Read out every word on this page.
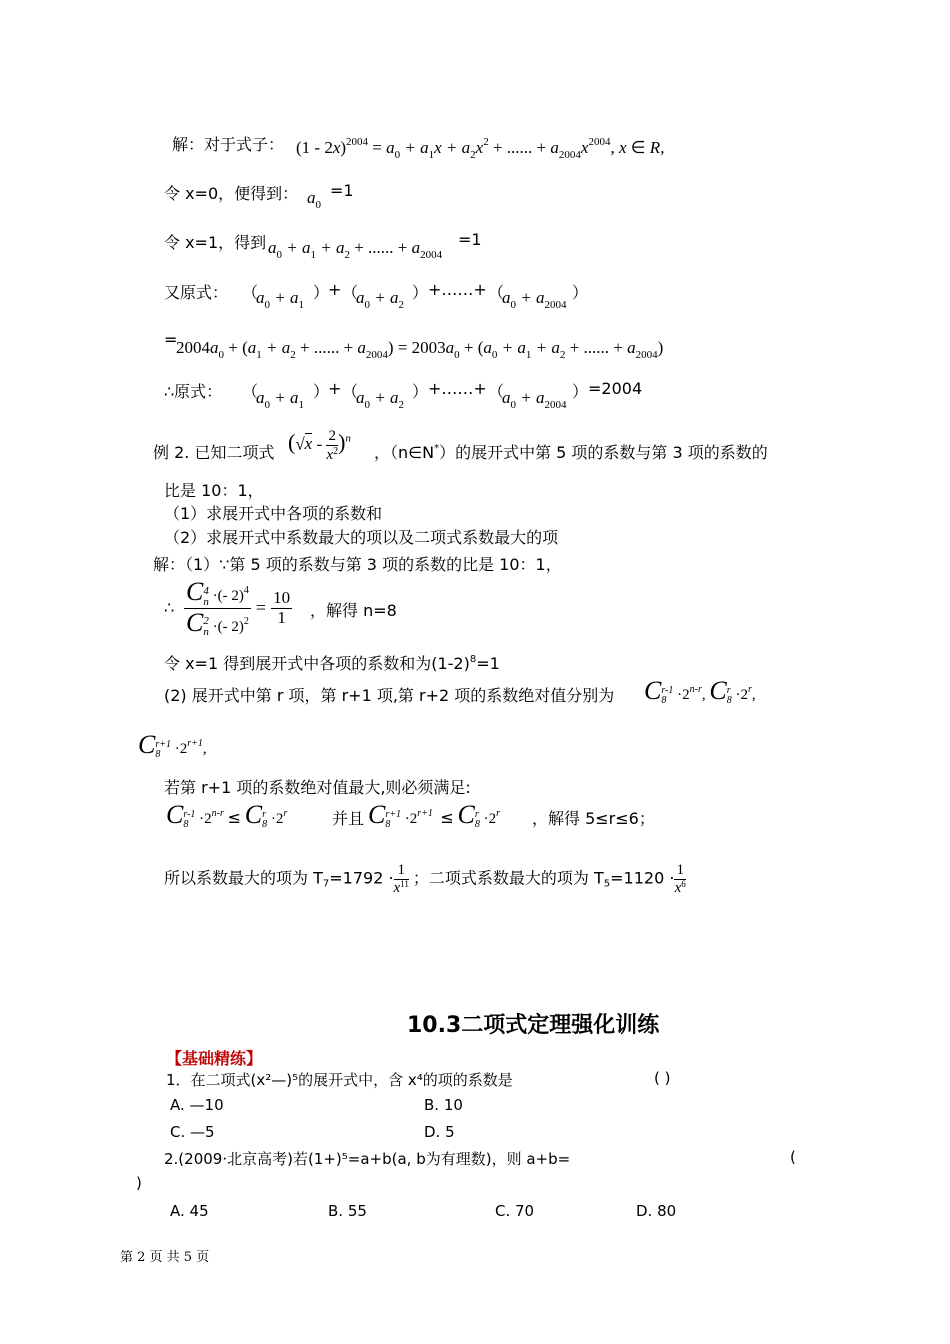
解：对于式子： $(1 - 2x)^{2004} = a_0 + a_1x + a_2x^2$ + ...... + $a_{2004}x^{2004}$, x ∈ R,
令 x=0，便得到： $a_0$
=1
令 x=1，得到 $a_0 + a_1 + a_2$ + ...... + $a_{2004}$
=1
又原式： （
$a_0 + a_1$
）
+ （
$a_0 + a_2$
） +……+ （
$a_0 + a_{2004}$
）
=
$2004a_0 + (a_1 + a_2$ + ...... + $a_{2004}) = 2003a_0 + (a_0 + a_1 + a_2$ + ...... + $a_{2004}$)
∴原式： （
$a_0 + a_1$
）
+ （
$a_0 + a_2$
） +……+ （
$a_0 + a_{2004}$
） =2004
例 2. 已知二项式 $(√x - \frac{2}{x^2} )^n$
，（n∈N*）的展开式中第 5 项的系数与第 3 项的系数的
比是 10：1，
（1）求展开式中各项的系数和
（2）求展开式中系数最大的项以及二项式系数最大的项
解：（1）∵第 5 项的系数与第 3 项的系数的比是 10：1，
∴
C4
n ·(- 2)$^4$
C2
n ·(- 2)$^2$
= $\frac{10}{1}$ ，解得 n=8
令 x=1 得到展开式中各项的系数和为$(1-2)^8=1$
(2) 展开式中第 r 项，第 r+1 项,第 r+2 项的系数绝对值分别为 Cr-1
$8 \cdot 2^{n-r}$, Cr
$8 \cdot 2^r$,
Cr+1
$8 \cdot 2^{r+1}$,
若第 r+1 项的系数绝对值最大,则必须满足:
Cr-1
$8 \cdot 2^{n-r} \le Cr$
$8 \cdot 2^r$	并且 Cr+1
$8 \cdot 2^{r+1} \le Cr$
$8 \cdot 2^r$ ，解得 5≤r≤6；
所以系数最大的项为 $T7=1792 \cdot \frac{1}{x^{11}}$ ；二项式系数最大的项为 $T5=1120 \cdot \frac{1}{x^6}$
10.3二项式定理强化训练
【基础精练】
1．在二项式(x²—)⁵的展开式中，含 x⁴的项的系数是	( )
A. —10	B. 10
C. —5	D. 5
2.(2009·北京高考)若(1+)⁵=a+b(a, b为有理数)，则 a+b=	(
)
A. 45	B. 55	C. 70	D. 80
第 2 页 共 5 页
